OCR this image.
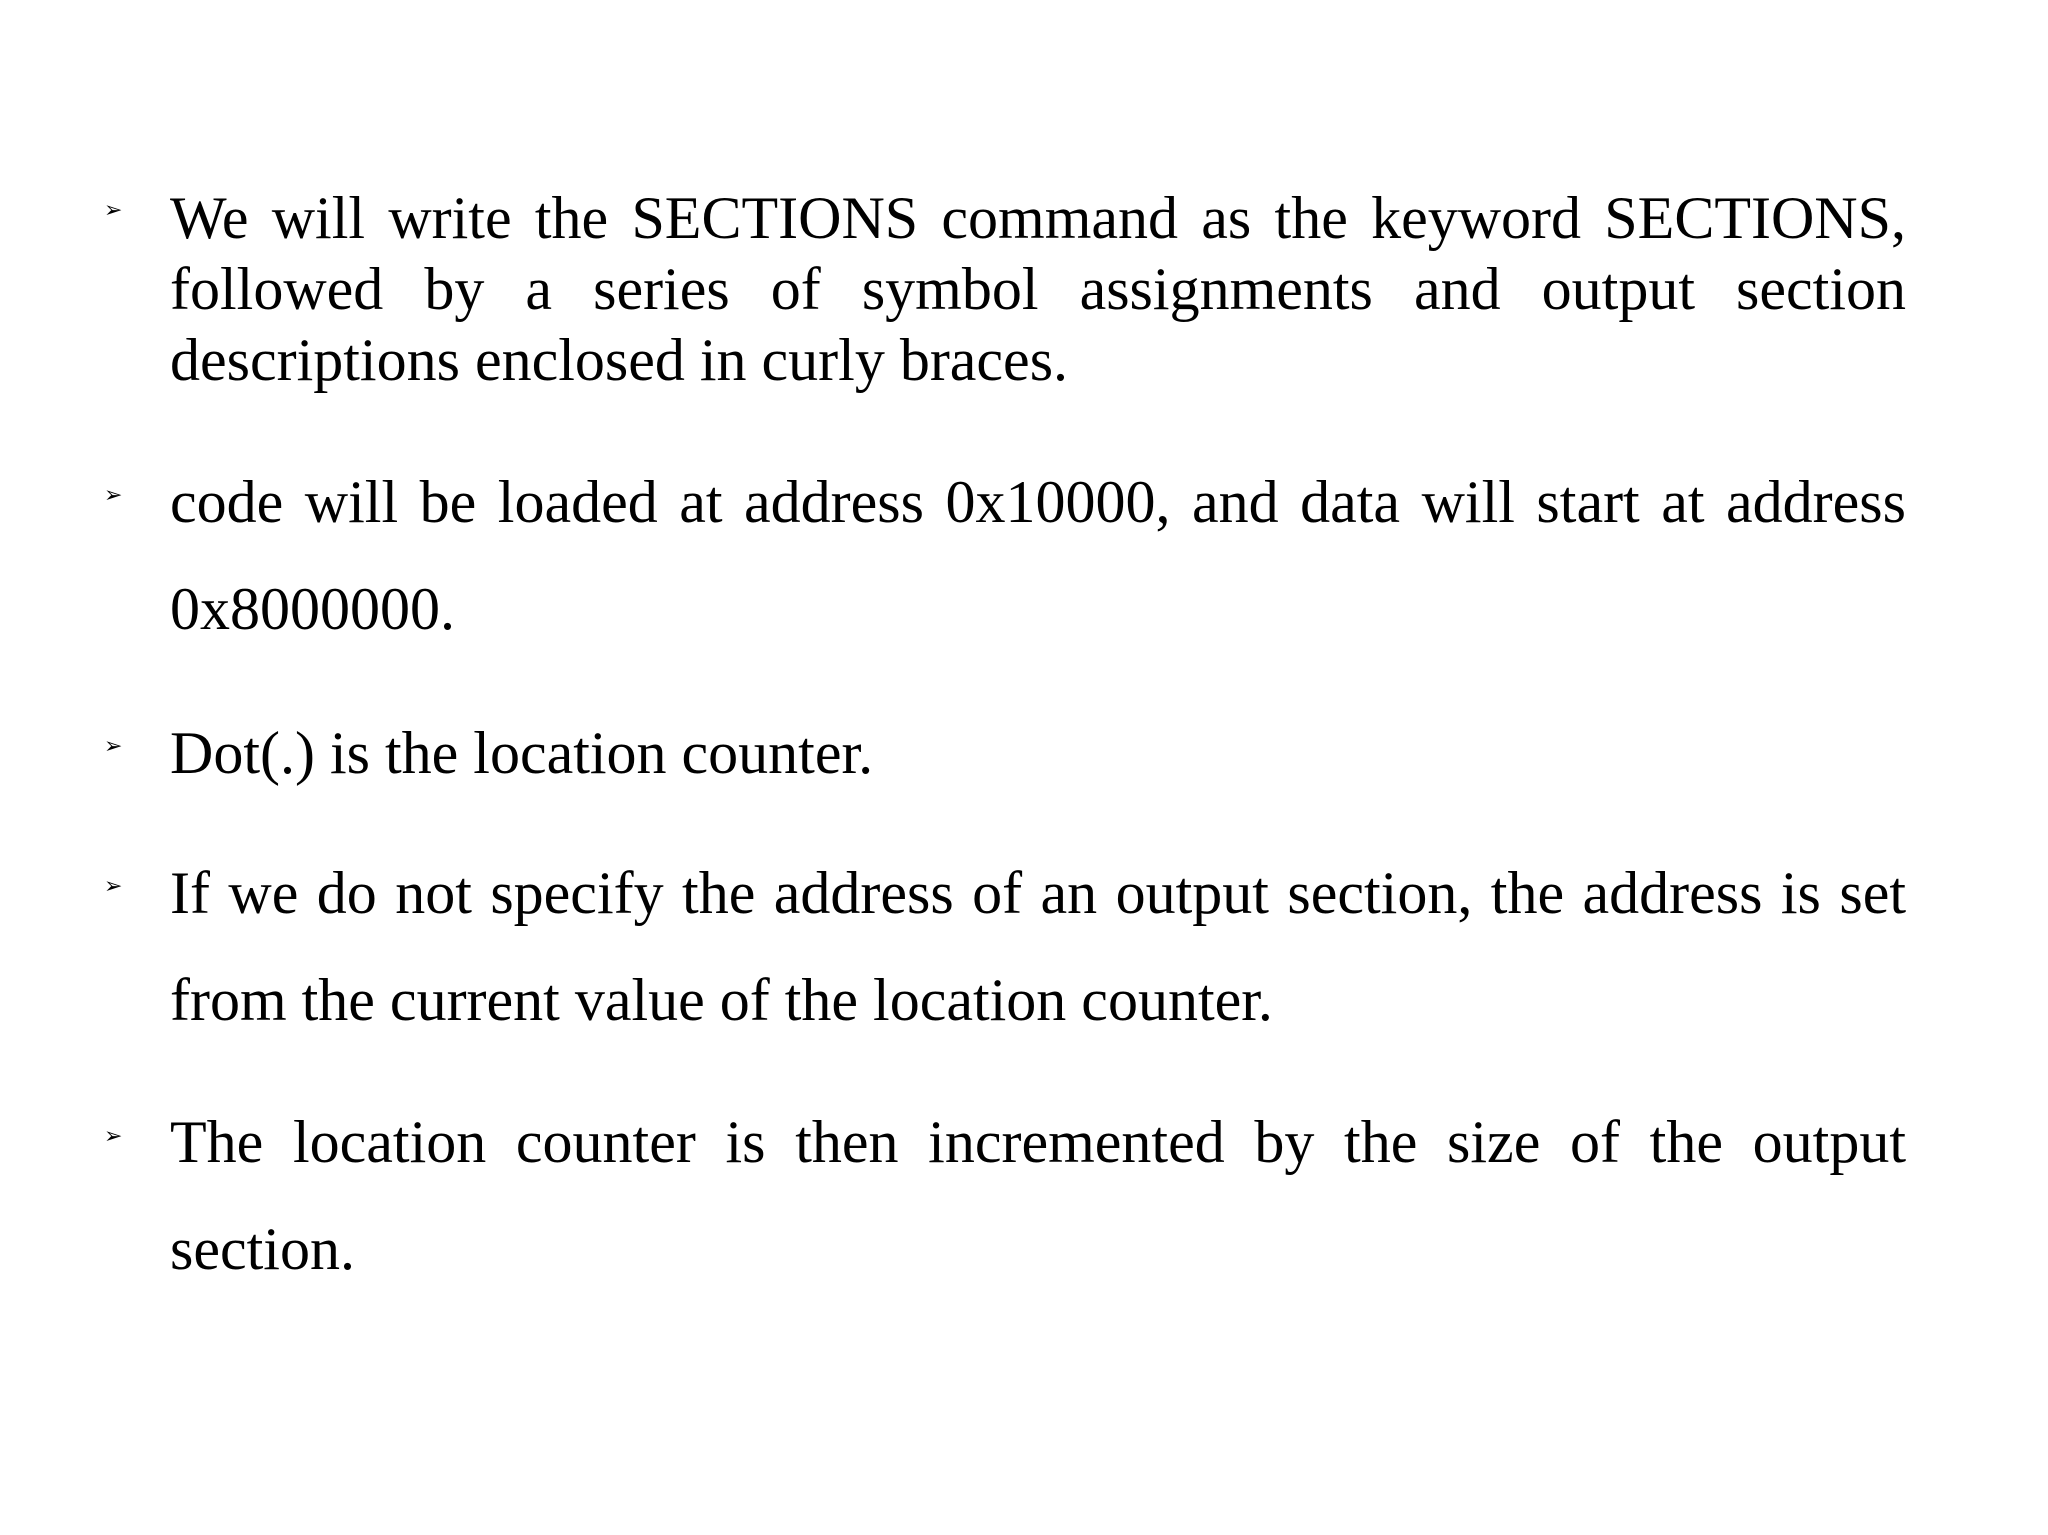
➢ We will write the SECTIONS command as the keyword SECTIONS, followed by a series of symbol assignments and output section descriptions enclosed in curly braces.

➢ code will be loaded at address 0x10000, and data will start at address 0x8000000.

➢ Dot(.) is the location counter.

➢ If we do not specify the address of an output section, the address is set from the current value of the location counter.

➢ The location counter is then incremented by the size of the output section.
